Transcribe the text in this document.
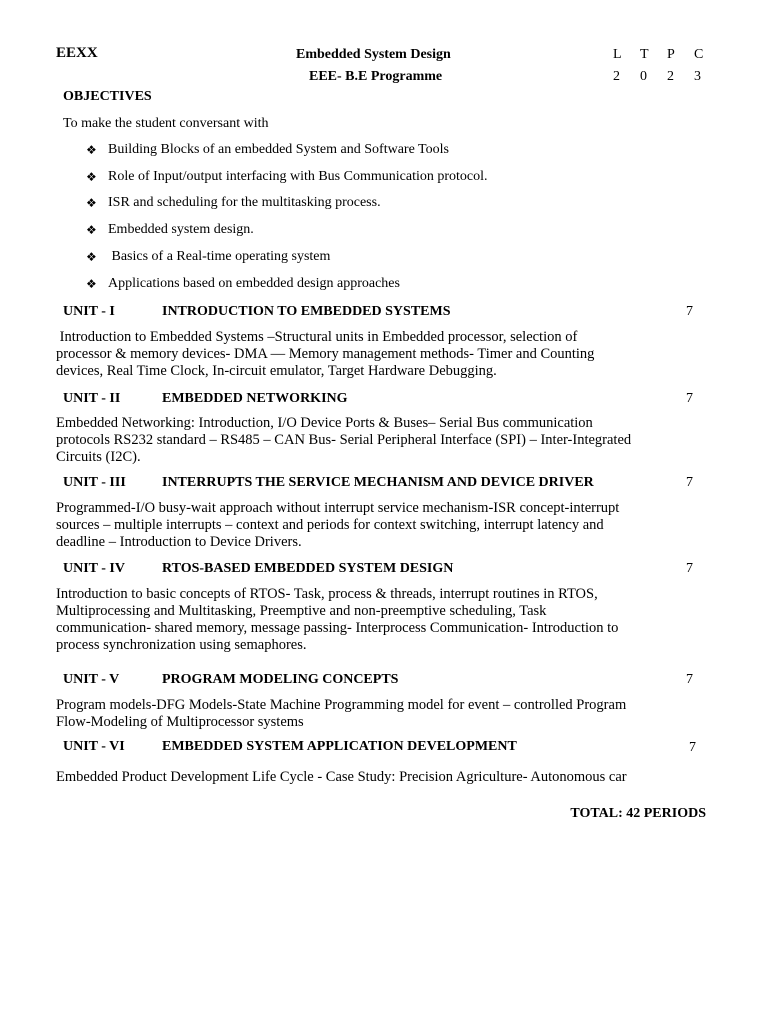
EEXX	Embedded System Design
EEE- B.E Programme
L	T	P	C
2	0	2	3
OBJECTIVES
To make the student conversant with
❖ Building Blocks of an embedded System and Software Tools
❖ Role of Input/output interfacing with Bus Communication protocol.
❖ ISR and scheduling for the multitasking process.
❖ Embedded system design.
❖ Basics of a Real-time operating system
❖ Applications based on embedded design approaches
UNIT - I	INTRODUCTION TO EMBEDDED SYSTEMS	7
Introduction to Embedded Systems –Structural units in Embedded processor, selection of
processor & memory devices- DMA — Memory management methods- Timer and Counting
devices, Real Time Clock, In-circuit emulator, Target Hardware Debugging.
UNIT - II	EMBEDDED NETWORKING	7
Embedded Networking: Introduction, I/O Device Ports & Buses– Serial Bus communication
protocols RS232 standard – RS485 – CAN Bus- Serial Peripheral Interface (SPI) – Inter-Integrated
Circuits (I2C).
UNIT - III	INTERRUPTS THE SERVICE MECHANISM AND DEVICE DRIVER	7
Programmed-I/O busy-wait approach without interrupt service mechanism-ISR concept-interrupt
sources – multiple interrupts – context and periods for context switching, interrupt latency and
deadline – Introduction to Device Drivers.
UNIT - IV	RTOS-BASED EMBEDDED SYSTEM DESIGN	7
Introduction to basic concepts of RTOS- Task, process & threads, interrupt routines in RTOS,
Multiprocessing and Multitasking, Preemptive and non-preemptive scheduling, Task
communication- shared memory, message passing- Interprocess Communication- Introduction to
process synchronization using semaphores.
UNIT - V	PROGRAM MODELING CONCEPTS	7
Program models-DFG Models-State Machine Programming model for event – controlled Program
Flow-Modeling of Multiprocessor systems
UNIT - VI	EMBEDDED SYSTEM APPLICATION DEVELOPMENT	7
Embedded Product Development Life Cycle - Case Study: Precision Agriculture- Autonomous car
TOTAL: 42 PERIODS
